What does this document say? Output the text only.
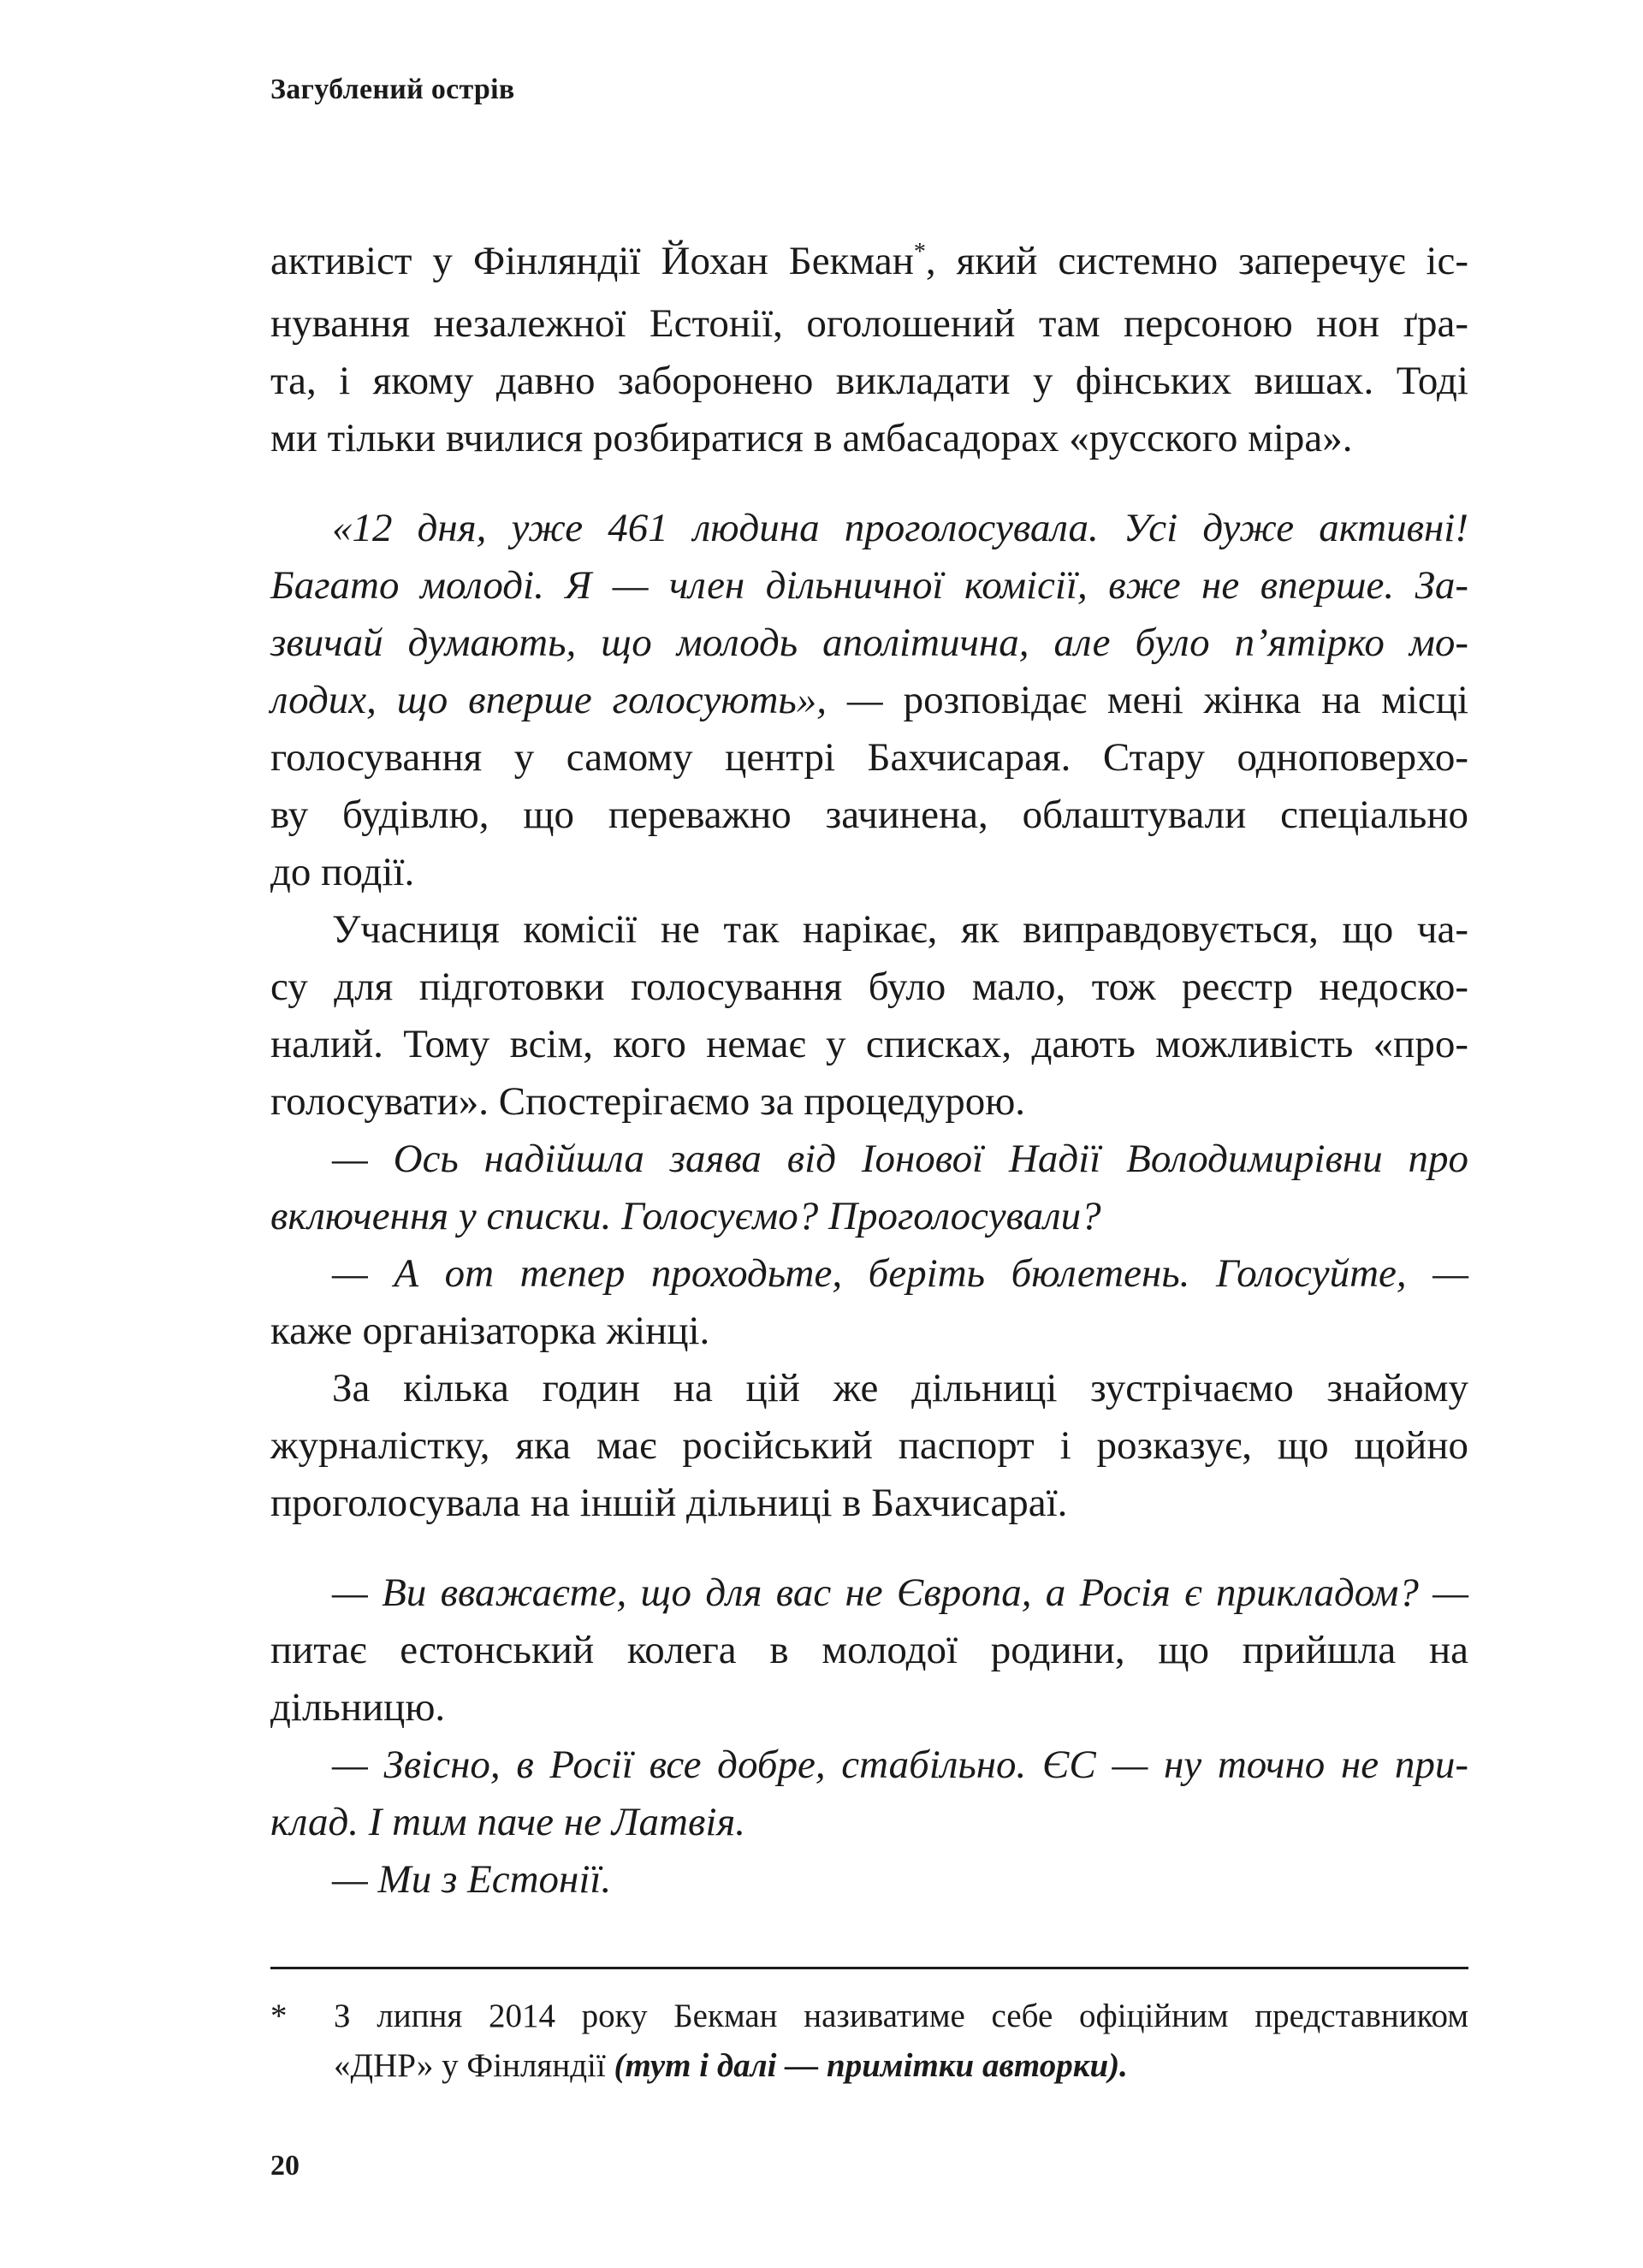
Загублений острів
активіст у Фінляндії Йохан Бекман*, який системно заперечує іс-
нування незалежної Естонії, оголошений там персоною нон ґра-
та, і якому давно заборонено викладати у фінських вишах. Тоді
ми тільки вчилися розбиратися в амбасадорах «русского міра».
«12 дня, уже 461 людина проголосувала. Усі дуже активні!
Багато молоді. Я — член дільничної комісії, вже не вперше. За-
звичай думають, що молодь аполітична, але було п’ятірко мо-
лодих, що вперше голосують», — розповідає мені жінка на місці
голосування у самому центрі Бахчисарая. Стару одноповерхо-
ву будівлю, що переважно зачинена, облаштували спеціально
до події.
Учасниця комісії не так нарікає, як виправдовується, що ча-
су для підготовки голосування було мало, тож реєстр недоско-
налий. Тому всім, кого немає у списках, дають можливість «про-
голосувати». Спостерігаємо за процедурою.
— Ось надійшла заява від Іонової Надії Володимирівни про
включення у списки. Голосуємо? Проголосували?
— А от тепер проходьте, беріть бюлетень. Голосуйте, —
каже організаторка жінці.
За кілька годин на цій же дільниці зустрічаємо знайому
журналістку, яка має російський паспорт і розказує, що щойно
проголосувала на іншій дільниці в Бахчисараї.
— Ви вважаєте, що для вас не Європа, а Росія є прикладом? —
питає естонський колега в молодої родини, що прийшла на
дільницю.
— Звісно, в Росії все добре, стабільно. ЄС — ну точно не при-
клад. І тим паче не Латвія.
— Ми з Естонії.
*	З липня 2014 року Бекман називатиме себе офіційним представником
«ДНР» у Фінляндії (тут і далі — примітки авторки).
20
